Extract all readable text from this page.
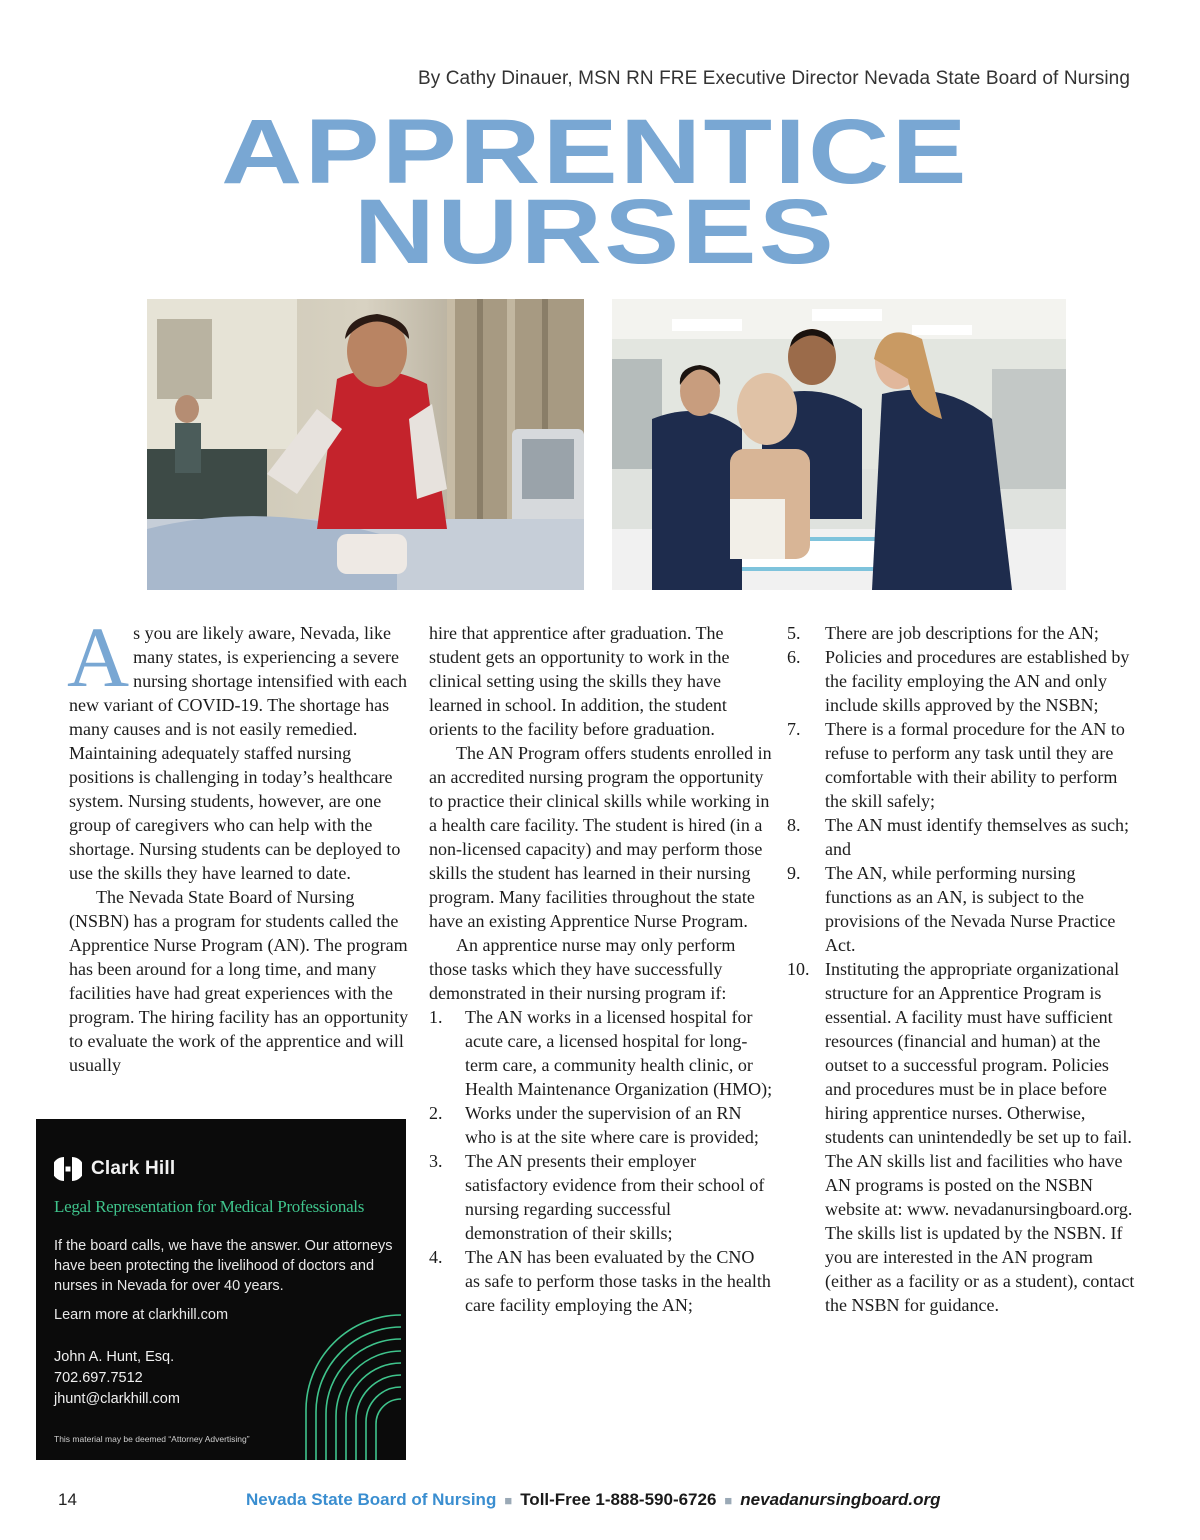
By Cathy Dinauer, MSN RN FRE Executive Director Nevada State Board of Nursing
APPRENTICE
NURSES

As you are likely aware, Nevada, like many states, is experiencing a severe nursing shortage intensified with each new variant of COVID-19. The shortage has many causes and is not easily remedied. Maintaining adequately staffed nursing positions is challenging in today’s healthcare system. Nursing students, however, are one group of caregivers who can help with the shortage. Nursing students can be deployed to use the skills they have learned to date.

The Nevada State Board of Nursing (NSBN) has a program for students called the Apprentice Nurse Program (AN). The program has been around for a long time, and many facilities have had great experiences with the program. The hiring facility has an opportunity to evaluate the work of the apprentice and will usually

hire that apprentice after graduation. The student gets an opportunity to work in the clinical setting using the skills they have learned in school. In addition, the student orients to the facility before graduation.

The AN Program offers students enrolled in an accredited nursing program the opportunity to practice their clinical skills while working in a health care facility. The student is hired (in a non-licensed capacity) and may perform those skills the student has learned in their nursing program. Many facilities throughout the state have an existing Apprentice Nurse Program.

An apprentice nurse may only perform those tasks which they have successfully demonstrated in their nursing program if:

1. The AN works in a licensed hospital for acute care, a licensed hospital for long-term care, a community health clinic, or Health Maintenance Organization (HMO);
2. Works under the supervision of an RN who is at the site where care is provided;
3. The AN presents their employer satisfactory evidence from their school of nursing regarding successful demonstration of their skills;
4. The AN has been evaluated by the CNO as safe to perform those tasks in the health care facility employing the AN;
5. There are job descriptions for the AN;
6. Policies and procedures are established by the facility employing the AN and only include skills approved by the NSBN;
7. There is a formal procedure for the AN to refuse to perform any task until they are comfortable with their ability to perform the skill safely;
8. The AN must identify themselves as such; and
9. The AN, while performing nursing functions as an AN, is subject to the provisions of the Nevada Nurse Practice Act.
10. Instituting the appropriate organizational structure for an Apprentice Program is essential. A facility must have sufficient resources (financial and human) at the outset to a successful program. Policies and procedures must be in place before hiring apprentice nurses. Otherwise, students can unintendedly be set up to fail. The AN skills list and facilities who have AN programs is posted on the NSBN website at: www. nevadanursingboard.org. The skills list is updated by the NSBN. If you are interested in the AN program (either as a facility or as a student), contact the NSBN for guidance.
Clark Hill
Legal Representation for Medical Professionals
If the board calls, we have the answer. Our attorneys have been protecting the livelihood of doctors and nurses in Nevada for over 40 years.
Learn more at clarkhill.com
John A. Hunt, Esq.
702.697.7512
jhunt@clarkhill.com
This material may be deemed “Attorney Advertising”
14	Nevada State Board of Nursing ■ Toll-Free 1-888-590-6726 ■ nevadanursingboard.org
